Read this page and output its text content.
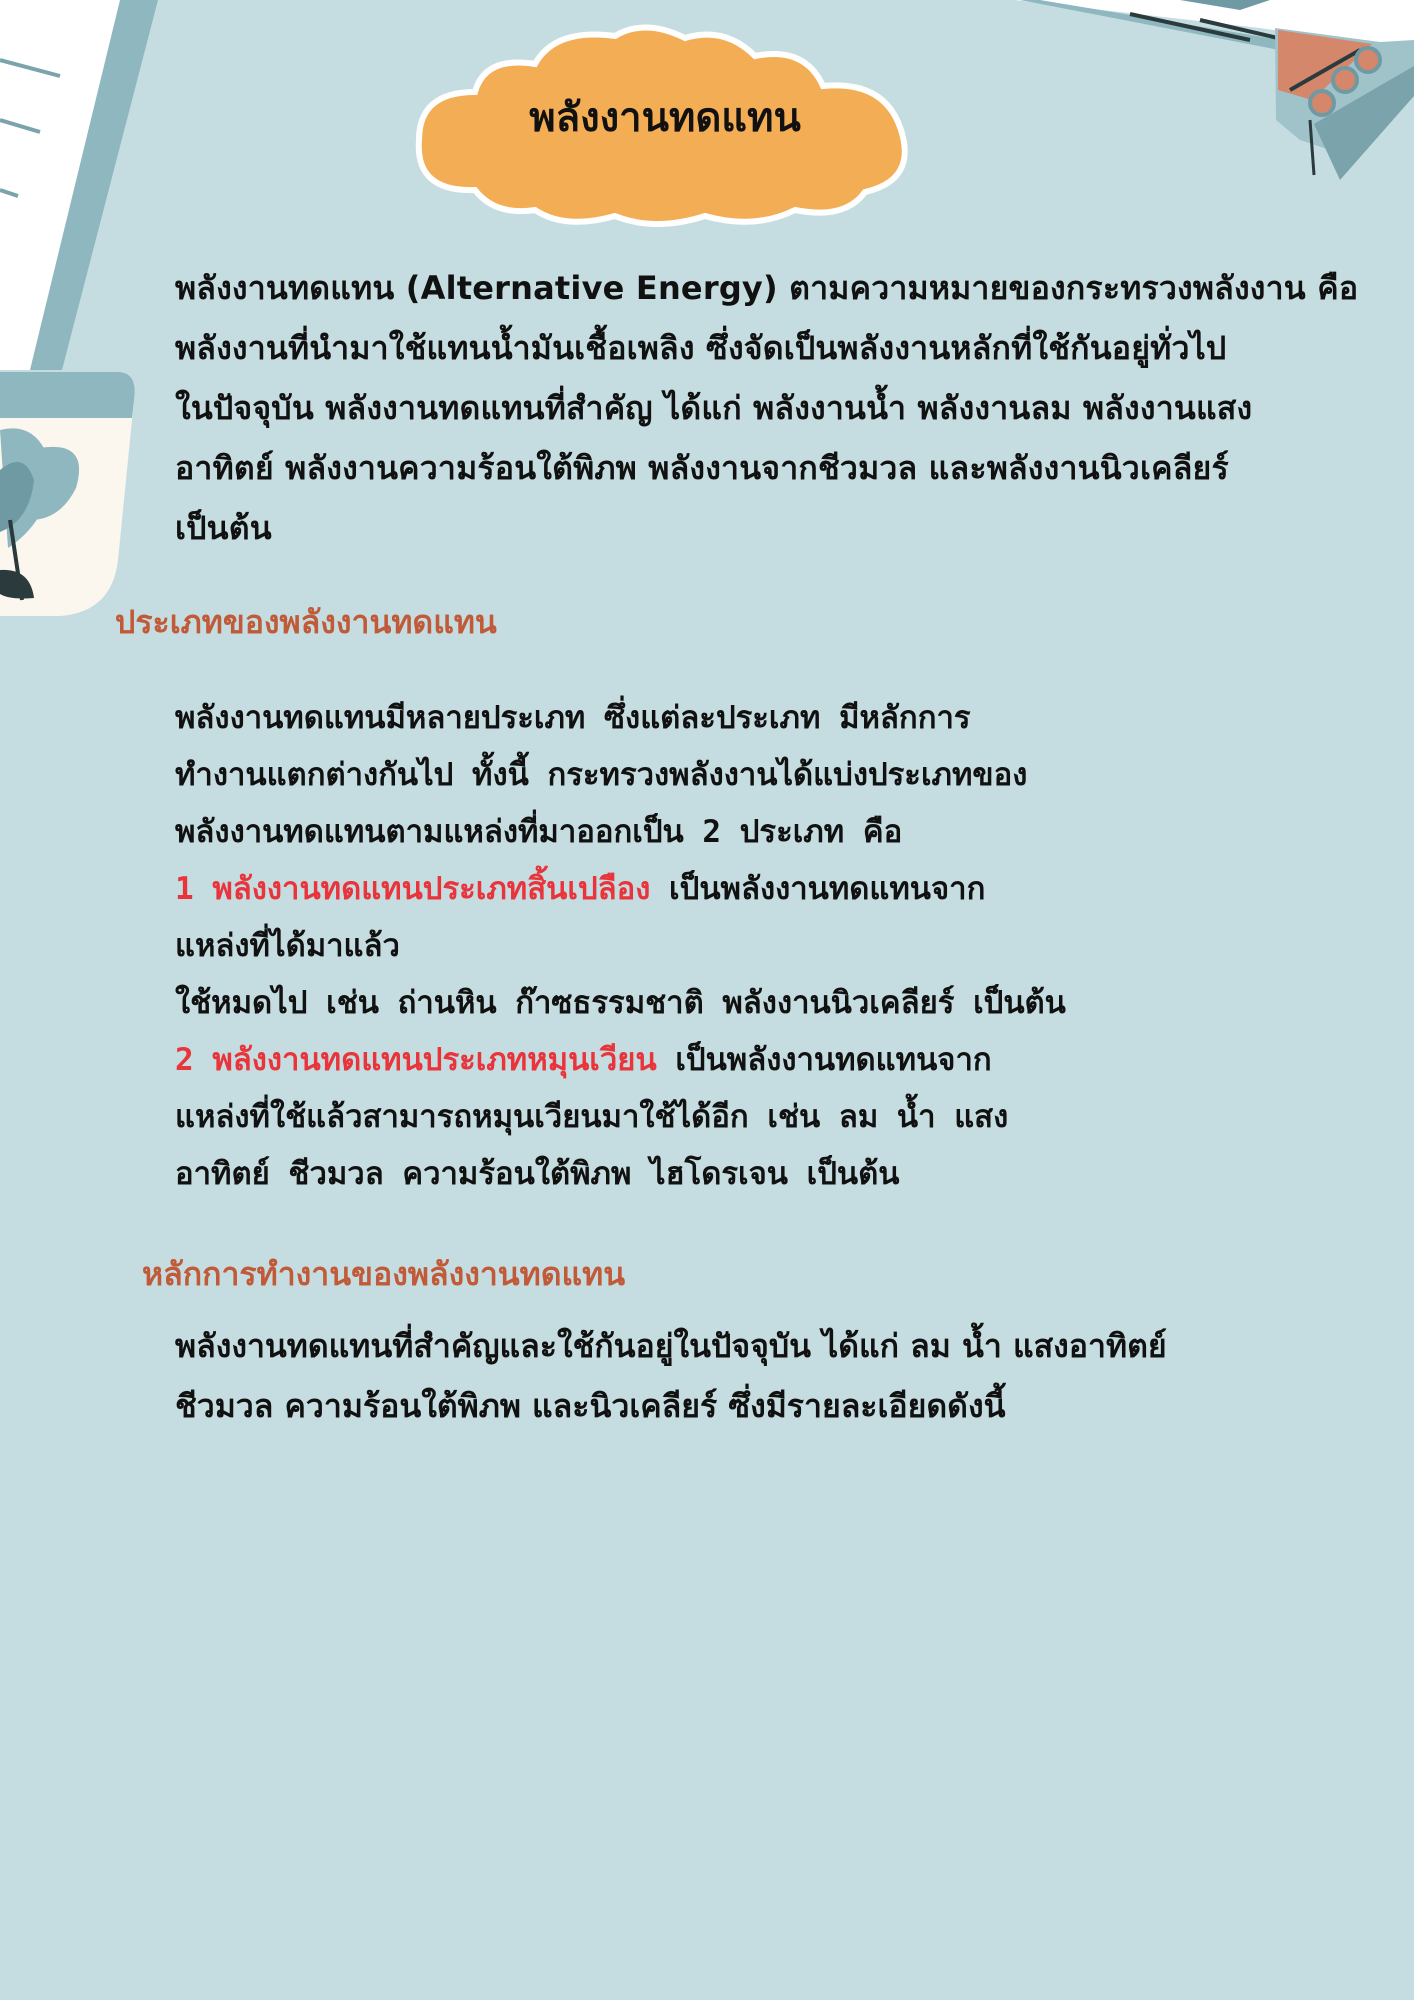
พลังงานทดแทน
พลังงานทดแทน (Alternative Energy) ตามความหมายของกระทรวงพลังงาน คือ
พลังงานที่นำมาใช้แทนน้ำมันเชื้อเพลิง ซึ่งจัดเป็นพลังงานหลักที่ใช้กันอยู่ทั่วไป
ในปัจจุบัน พลังงานทดแทนที่สำคัญ ได้แก่ พลังงานน้ำ พลังงานลม พลังงานแสง
อาทิตย์ พลังงานความร้อนใต้พิภพ พลังงานจากชีวมวล และพลังงานนิวเคลียร์
เป็นต้น
ประเภทของพลังงานทดแทน
พลังงานทดแทนมีหลายประเภท ซึ่งแต่ละประเภท มีหลักการ
ทำงานแตกต่างกันไป ทั้งนี้ กระทรวงพลังงานได้แบ่งประเภทของ
พลังงานทดแทนตามแหล่งที่มาออกเป็น 2 ประเภท คือ
1 พลังงานทดแทนประเภทสิ้นเปลือง เป็นพลังงานทดแทนจาก
แหล่งที่ได้มาแล้ว
ใช้หมดไป เช่น ถ่านหิน ก๊าซธรรมชาติ พลังงานนิวเคลียร์ เป็นต้น
2 พลังงานทดแทนประเภทหมุนเวียน เป็นพลังงานทดแทนจาก
แหล่งที่ใช้แล้วสามารถหมุนเวียนมาใช้ได้อีก เช่น ลม น้ำ แสง
อาทิตย์ ชีวมวล ความร้อนใต้พิภพ ไฮโดรเจน เป็นต้น
หลักการทำงานของพลังงานทดแทน
พลังงานทดแทนที่สำคัญและใช้กันอยู่ในปัจจุบัน ได้แก่ ลม น้ำ แสงอาทิตย์
ชีวมวล ความร้อนใต้พิภพ และนิวเคลียร์ ซึ่งมีรายละเอียดดังนี้
